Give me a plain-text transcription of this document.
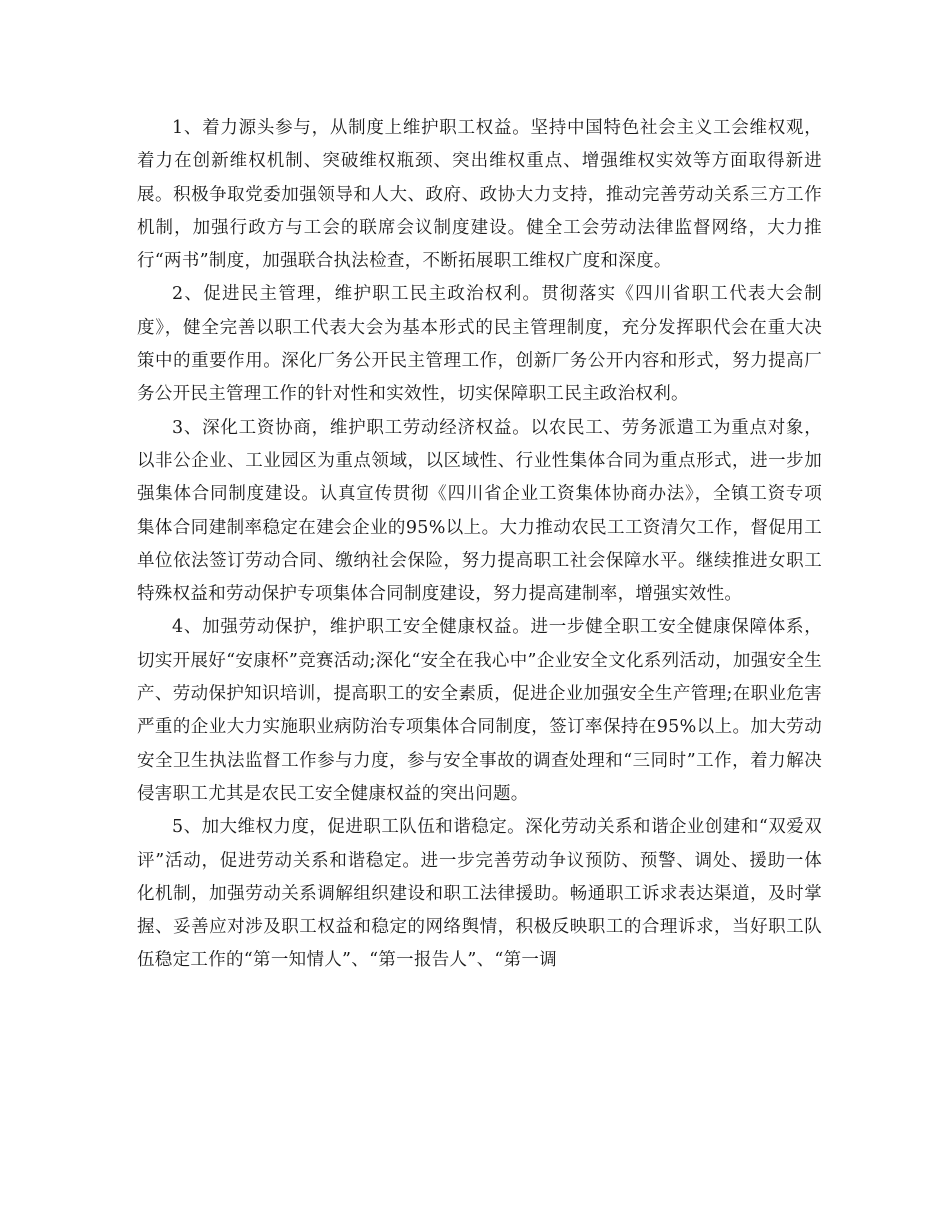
1、着力源头参与，从制度上维护职工权益。坚持中国特色社会主义工会维权观，着力在创新维权机制、突破维权瓶颈、突出维权重点、增强维权实效等方面取得新进展。积极争取党委加强领导和人大、政府、政协大力支持，推动完善劳动关系三方工作机制，加强行政方与工会的联席会议制度建设。健全工会劳动法律监督网络，大力推行“两书”制度，加强联合执法检查，不断拓展职工维权广度和深度。

2、促进民主管理，维护职工民主政治权利。贯彻落实《四川省职工代表大会制度》，健全完善以职工代表大会为基本形式的民主管理制度，充分发挥职代会在重大决策中的重要作用。深化厂务公开民主管理工作，创新厂务公开内容和形式，努力提高厂务公开民主管理工作的针对性和实效性，切实保障职工民主政治权利。

3、深化工资协商，维护职工劳动经济权益。以农民工、劳务派遣工为重点对象，以非公企业、工业园区为重点领域，以区域性、行业性集体合同为重点形式，进一步加强集体合同制度建设。认真宣传贯彻《四川省企业工资集体协商办法》，全镇工资专项集体合同建制率稳定在建会企业的95%以上。大力推动农民工工资清欠工作，督促用工单位依法签订劳动合同、缴纳社会保险，努力提高职工社会保障水平。继续推进女职工特殊权益和劳动保护专项集体合同制度建设，努力提高建制率，增强实效性。

4、加强劳动保护，维护职工安全健康权益。进一步健全职工安全健康保障体系，切实开展好“安康杯”竞赛活动;深化“安全在我心中”企业安全文化系列活动，加强安全生产、劳动保护知识培训，提高职工的安全素质，促进企业加强安全生产管理;在职业危害严重的企业大力实施职业病防治专项集体合同制度，签订率保持在95%以上。加大劳动安全卫生执法监督工作参与力度，参与安全事故的调查处理和“三同时”工作，着力解决侵害职工尤其是农民工安全健康权益的突出问题。

5、加大维权力度，促进职工队伍和谐稳定。深化劳动关系和谐企业创建和“双爱双评”活动，促进劳动关系和谐稳定。进一步完善劳动争议预防、预警、调处、援助一体化机制，加强劳动关系调解组织建设和职工法律援助。畅通职工诉求表达渠道，及时掌握、妥善应对涉及职工权益和稳定的网络舆情，积极反映职工的合理诉求，当好职工队伍稳定工作的“第一知情人”、“第一报告人”、“第一调
